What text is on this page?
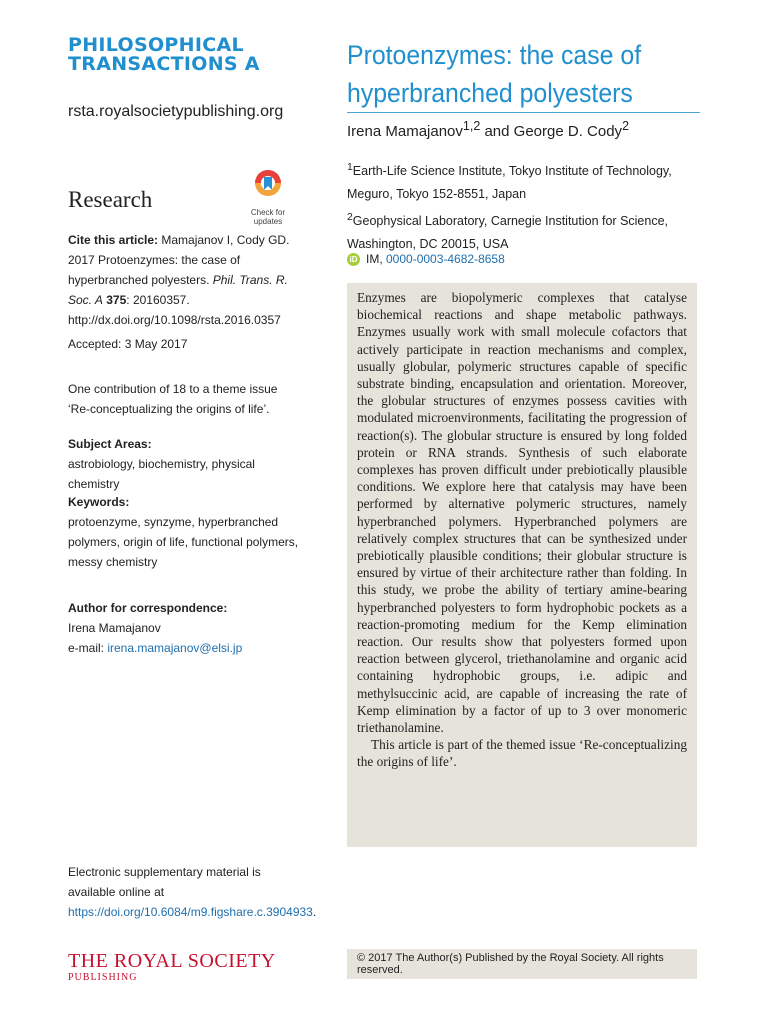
PHILOSOPHICAL
TRANSACTIONS A
rsta.royalsocietypublishing.org
Research
Check for
updates
Cite this article: Mamajanov I, Cody GD. 2017 Protoenzymes: the case of hyperbranched polyesters. Phil. Trans. R. Soc. A 375: 20160357. http://dx.doi.org/10.1098/rsta.2016.0357
Accepted: 3 May 2017
One contribution of 18 to a theme issue ‘Re-conceptualizing the origins of life’.
Subject Areas:
astrobiology, biochemistry, physical chemistry
Keywords:
protoenzyme, synzyme, hyperbranched polymers, origin of life, functional polymers, messy chemistry
Author for correspondence:
Irena Mamajanov
e-mail: irena.mamajanov@elsi.jp
Electronic supplementary material is available online at https://doi.org/10.6084/m9.figshare.c.3904933.
THE ROYAL SOCIETY
PUBLISHING
Protoenzymes: the case of hyperbranched polyesters
Irena Mamajanov$^{1,2}$ and George D. Cody$^2$
$^1$Earth-Life Science Institute, Tokyo Institute of Technology, Meguro, Tokyo 152-8551, Japan
$^2$Geophysical Laboratory, Carnegie Institution for Science, Washington, DC 20015, USA
iD IM, 0000-0003-4682-8658

Enzymes are biopolymeric complexes that catalyse biochemical reactions and shape metabolic pathways. Enzymes usually work with small molecule cofactors that actively participate in reaction mechanisms and complex, usually globular, polymeric structures capable of specific substrate binding, encapsulation and orientation. Moreover, the globular structures of enzymes possess cavities with modulated microenvironments, facilitating the progression of reaction(s). The globular structure is ensured by long folded protein or RNA strands. Synthesis of such elaborate complexes has proven difficult under prebiotically plausible conditions. We explore here that catalysis may have been performed by alternative polymeric structures, namely hyperbranched polymers. Hyperbranched polymers are relatively complex structures that can be synthesized under prebiotically plausible conditions; their globular structure is ensured by virtue of their architecture rather than folding. In this study, we probe the ability of tertiary amine-bearing hyperbranched polyesters to form hydrophobic pockets as a reaction-promoting medium for the Kemp elimination reaction. Our results show that polyesters formed upon reaction between glycerol, triethanolamine and organic acid containing hydrophobic groups, i.e. adipic and methylsuccinic acid, are capable of increasing the rate of Kemp elimination by a factor of up to 3 over monomeric triethanolamine.

This article is part of the themed issue ‘Re-conceptualizing the origins of life’.

© 2017 The Author(s) Published by the Royal Society. All rights reserved.
